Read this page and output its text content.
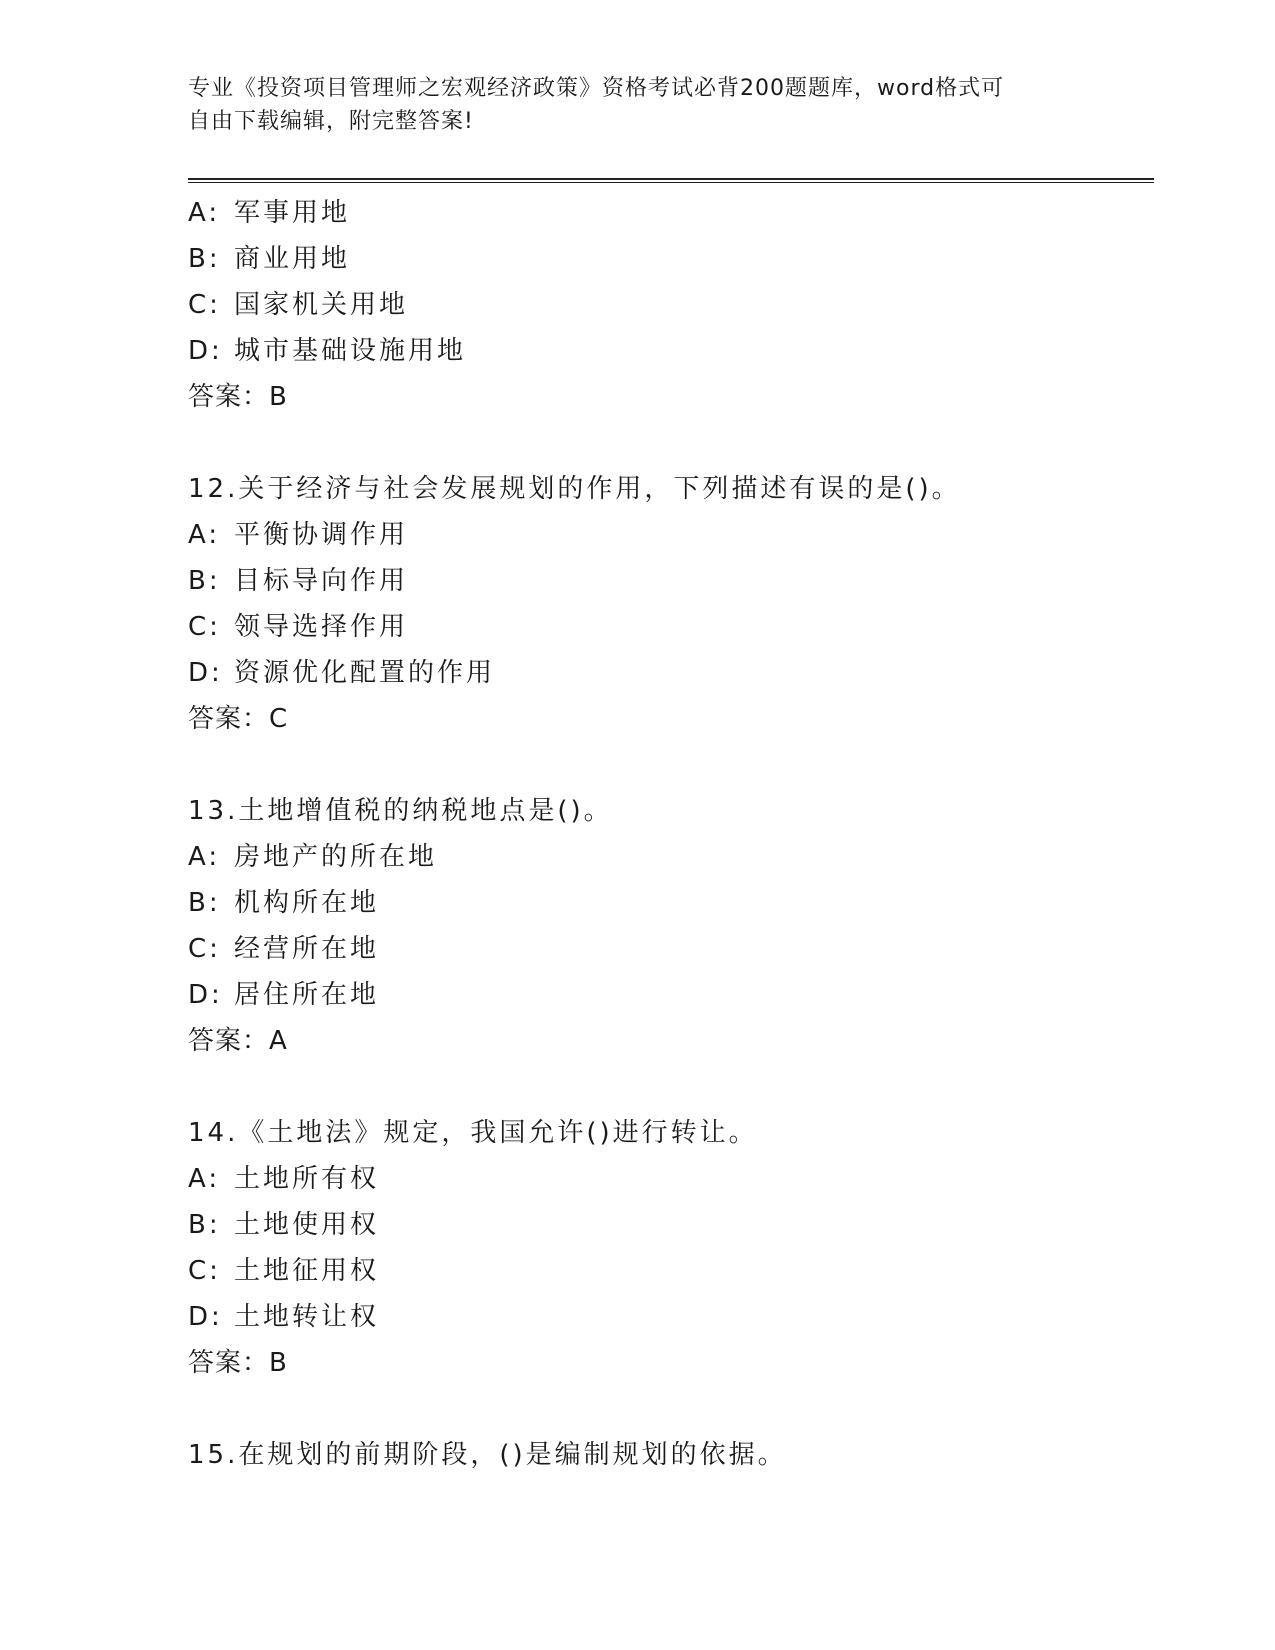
专业《投资项目管理师之宏观经济政策》资格考试必背200题题库，word格式可
自由下载编辑，附完整答案!
A: 军事用地
B: 商业用地
C: 国家机关用地
D: 城市基础设施用地
答案：B
12.关于经济与社会发展规划的作用，下列描述有误的是()。
A: 平衡协调作用
B: 目标导向作用
C: 领导选择作用
D: 资源优化配置的作用
答案：C
13.土地增值税的纳税地点是()。
A: 房地产的所在地
B: 机构所在地
C: 经营所在地
D: 居住所在地
答案：A
14.《土地法》规定，我国允许()进行转让。
A: 土地所有权
B: 土地使用权
C: 土地征用权
D: 土地转让权
答案：B
15.在规划的前期阶段，()是编制规划的依据。
